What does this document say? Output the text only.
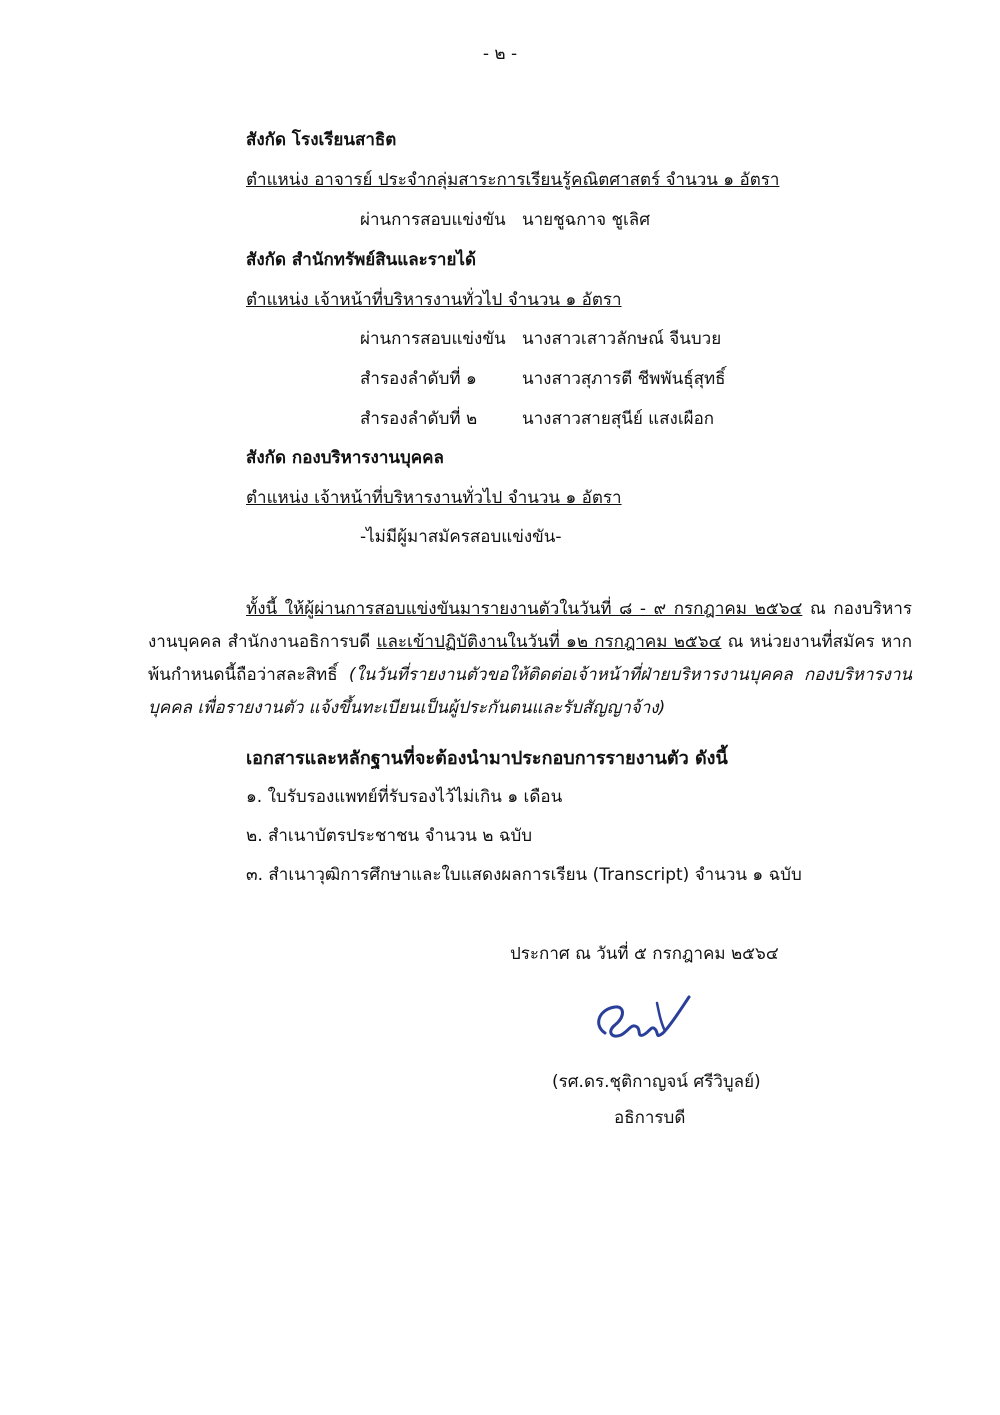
- ๒ -
สังกัด โรงเรียนสาธิต
ตำแหน่ง อาจารย์ ประจำกลุ่มสาระการเรียนรู้คณิตศาสตร์ จำนวน ๑ อัตรา
ผ่านการสอบแข่งขัน นายชูฉกาจ ชูเลิศ
สังกัด สำนักทรัพย์สินและรายได้
ตำแหน่ง เจ้าหน้าที่บริหารงานทั่วไป จำนวน ๑ อัตรา
ผ่านการสอบแข่งขัน นางสาวเสาวลักษณ์ จีนบวย
สำรองลำดับที่ ๑	นางสาวสุภารตี ชีพพันธุ์สุทธิ์
สำรองลำดับที่ ๒	นางสาวสายสุนีย์ แสงเผือก
สังกัด กองบริหารงานบุคคล
ตำแหน่ง เจ้าหน้าที่บริหารงานทั่วไป จำนวน ๑ อัตรา
-ไม่มีผู้มาสมัครสอบแข่งขัน-
ทั้งนี้ ให้ผู้ผ่านการสอบแข่งขันมารายงานตัวในวันที่ ๘ - ๙ กรกฎาคม ๒๕๖๔ ณ กองบริหารงานบุคคล สำนักงานอธิการบดี และเข้าปฏิบัติงานในวันที่ ๑๒ กรกฎาคม ๒๕๖๔ ณ หน่วยงานที่สมัคร หากพ้นกำหนดนี้ถือว่าสละสิทธิ์ (ในวันที่รายงานตัวขอให้ติดต่อเจ้าหน้าที่ฝ่ายบริหารงานบุคคล กองบริหารงานบุคคล เพื่อรายงานตัว แจ้งขึ้นทะเบียนเป็นผู้ประกันตนและรับสัญญาจ้าง)
เอกสารและหลักฐานที่จะต้องนำมาประกอบการรายงานตัว ดังนี้
๑. ใบรับรองแพทย์ที่รับรองไว้ไม่เกิน ๑ เดือน
๒. สำเนาบัตรประชาชน จำนวน ๒ ฉบับ
๓. สำเนาวุฒิการศึกษาและใบแสดงผลการเรียน (Transcript) จำนวน ๑ ฉบับ
ประกาศ ณ วันที่ ๕ กรกฎาคม ๒๕๖๔
(รศ.ดร.ชุติกาญจน์ ศรีวิบูลย์)
อธิการบดี
